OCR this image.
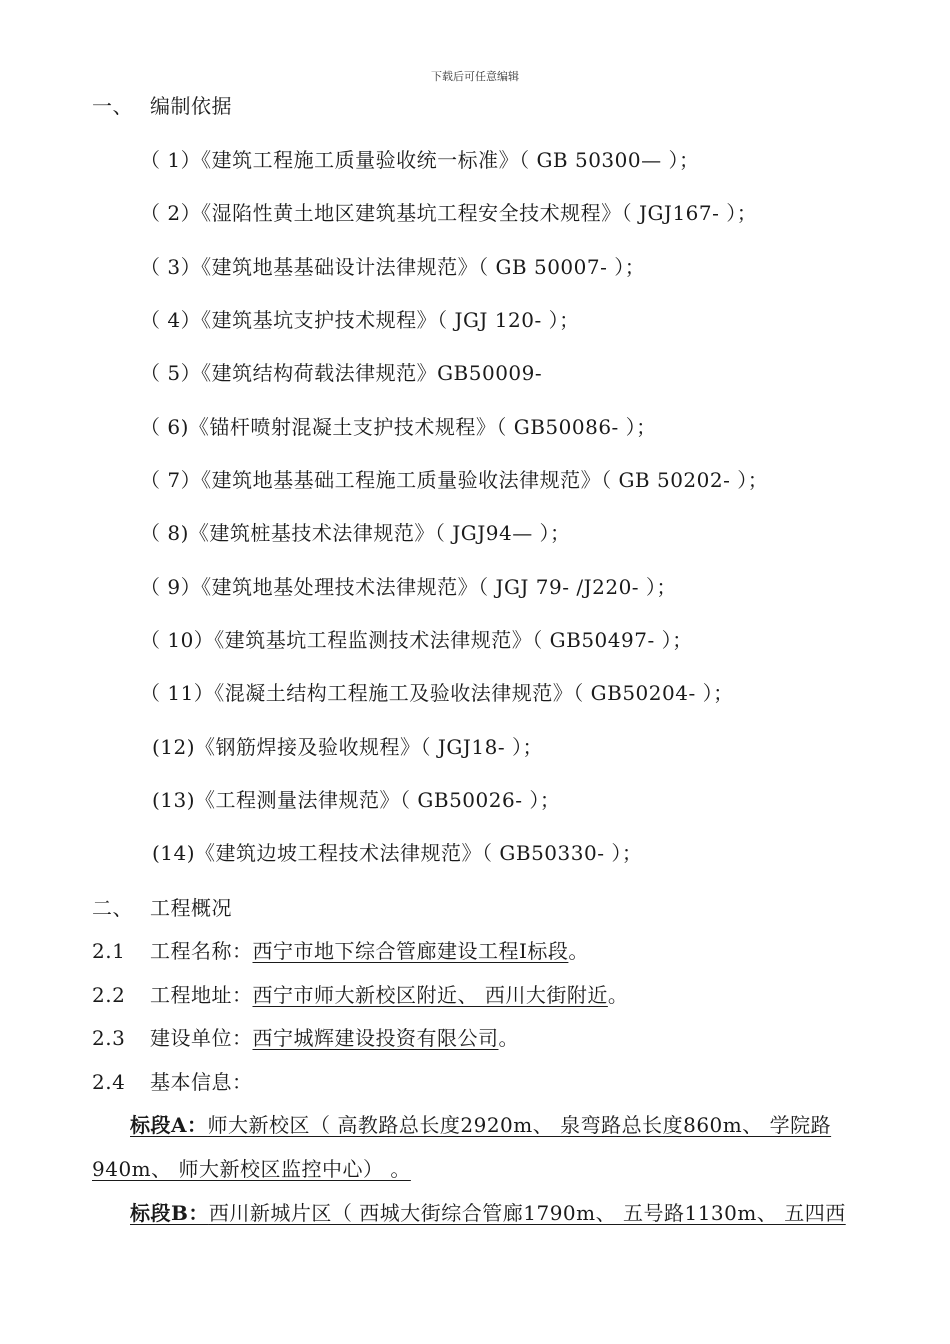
下载后可任意编辑
一、 编制依据
（ 1）《建筑工程施工质量验收统一标准》（ GB 50300— ）；
（ 2）《湿陷性黄土地区建筑基坑工程安全技术规程》（ JGJ167- ）；
（ 3）《建筑地基基础设计法律规范》（ GB 50007- ）；
（ 4）《建筑基坑支护技术规程》（ JGJ 120- ）；
（ 5）《建筑结构荷载法律规范》GB50009-
（ 6)《锚杆喷射混凝土支护技术规程》（ GB50086- ）；
（ 7）《建筑地基基础工程施工质量验收法律规范》（ GB 50202- ）；
（ 8)《建筑桩基技术法律规范》（ JGJ94— ）；
（ 9）《建筑地基处理技术法律规范》（ JGJ 79- /J220- ）；
（ 10）《建筑基坑工程监测技术法律规范》（ GB50497- ）；
（ 11）《混凝土结构工程施工及验收法律规范》（ GB50204- ）；
(12)《钢筋焊接及验收规程》（ JGJ18- ）；
(13)《工程测量法律规范》（ GB50026- ）；
(14)《建筑边坡工程技术法律规范》（ GB50330- ）；
二、 工程概况
2.1 工程名称：西宁市地下综合管廊建设工程Ⅰ标段。
2.2 工程地址：西宁市师大新校区附近、 西川大街附近。
2.3 建设单位：西宁城辉建设投资有限公司。
2.4 基本信息：
标段A：师大新校区（ 高教路总长度2920m、 泉弯路总长度860m、 学院路
940m、 师大新校区监控中心） 。
标段B：西川新城片区（ 西城大街综合管廊1790m、 五号路1130m、 五四西
